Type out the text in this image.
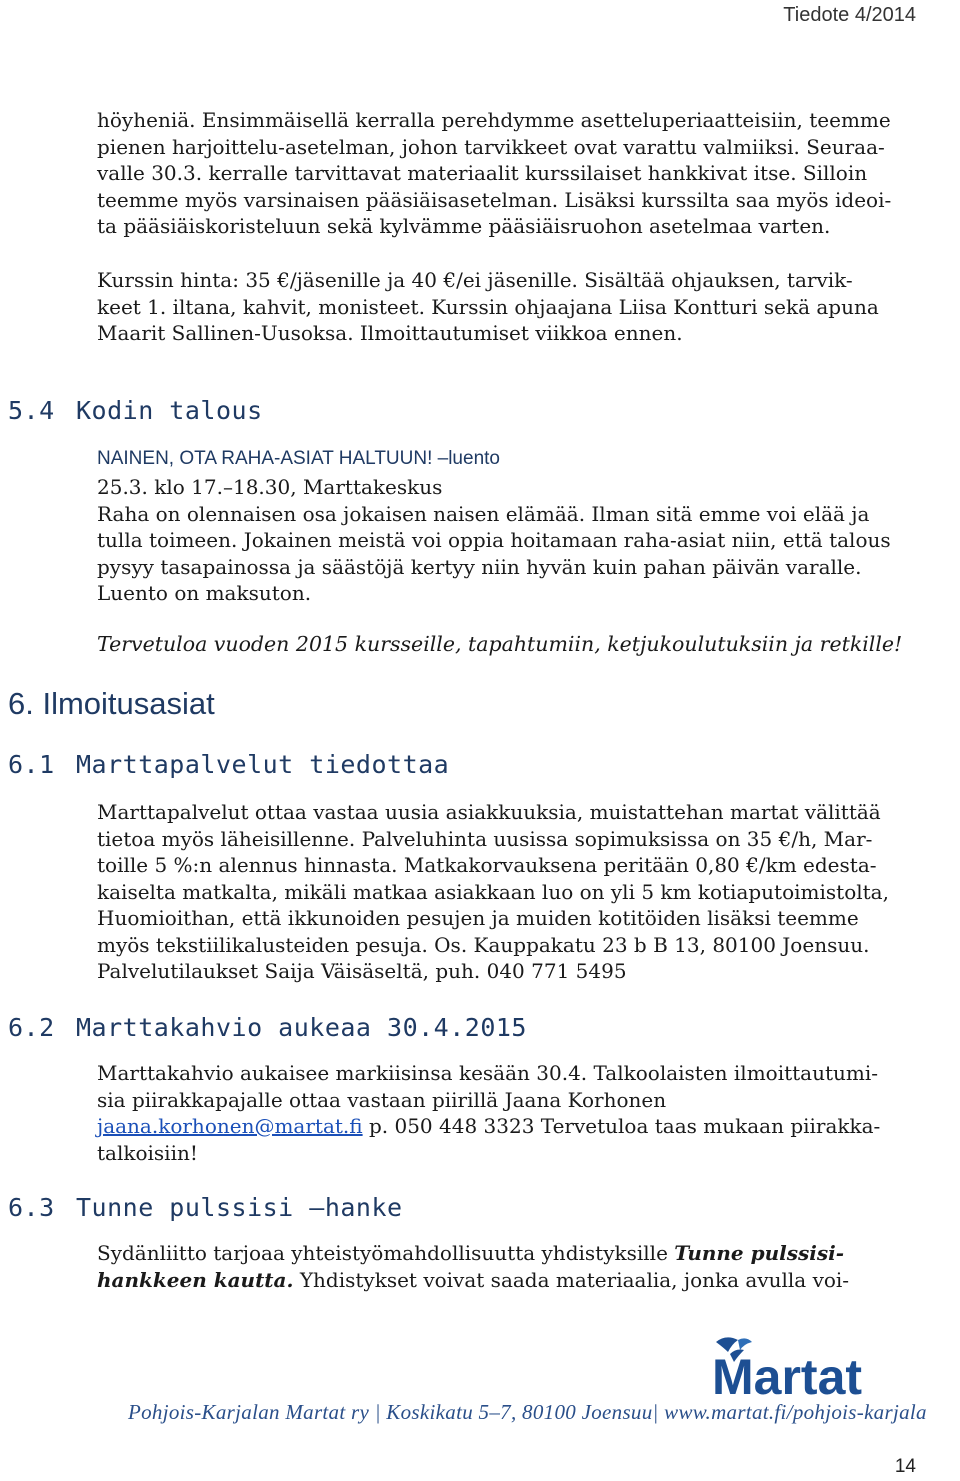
Tiedote 4/2014
höyheniä. Ensimmäisellä kerralla perehdymme asetteluperiaatteisiin, teemme
pienen harjoittelu-asetelman, johon tarvikkeet ovat varattu valmiiksi. Seuraa-
valle 30.3. kerralle tarvittavat materiaalit kurssilaiset hankkivat itse. Silloin
teemme myös varsinaisen pääsiäisasetelman. Lisäksi kurssilta saa myös ideoi-
ta pääsiäiskoristeluun sekä kylvämme pääsiäisruohon asetelmaa varten.
Kurssin hinta: 35 €/jäsenille ja 40 €/ei jäsenille. Sisältää ohjauksen, tarvik-
keet 1. iltana, kahvit, monisteet. Kurssin ohjaajana Liisa Kontturi sekä apuna
Maarit Sallinen-Uusoksa. Ilmoittautumiset viikkoa ennen.
5.4 Kodin talous
NAINEN, OTA RAHA-ASIAT HALTUUN! –luento
25.3. klo 17.–18.30, Marttakeskus
Raha on olennaisen osa jokaisen naisen elämää. Ilman sitä emme voi elää ja
tulla toimeen. Jokainen meistä voi oppia hoitamaan raha-asiat niin, että talous
pysyy tasapainossa ja säästöjä kertyy niin hyvän kuin pahan päivän varalle.
Luento on maksuton.
Tervetuloa vuoden 2015 kursseille, tapahtumiin, ketjukoulutuksiin ja retkille!
6. Ilmoitusasiat
6.1 Marttapalvelut tiedottaa
Marttapalvelut ottaa vastaa uusia asiakkuuksia, muistattehan martat välittää
tietoa myös läheisillenne. Palveluhinta uusissa sopimuksissa on 35 €/h, Mar-
toille 5 %:n alennus hinnasta. Matkakorvauksena peritään 0,80 €/km edesta-
kaiselta matkalta, mikäli matkaa asiakkaan luo on yli 5 km kotiaputoimistolta,
Huomioithan, että ikkunoiden pesujen ja muiden kotitöiden lisäksi teemme
myös tekstiilikalusteiden pesuja. Os. Kauppakatu 23 b B 13, 80100 Joensuu.
Palvelutilaukset Saija Väisäseltä, puh. 040 771 5495
6.2 Marttakahvio aukeaa 30.4.2015
Marttakahvio aukaisee markiisinsa kesään 30.4. Talkoolaisten ilmoittautumi-
sia piirakkapajalle ottaa vastaan piirillä Jaana Korhonen
jaana.korhonen@martat.fi p. 050 448 3323 Tervetuloa taas mukaan piirakka-
talkoisiin!
6.3 Tunne pulssisi –hanke
Sydänliitto tarjoaa yhteistyömahdollisuutta yhdistyksille Tunne pulssisi-
hankkeen kautta. Yhdistykset voivat saada materiaalia, jonka avulla voi-
Martat
Pohjois-Karjalan Martat ry | Koskikatu 5–7, 80100 Joensuu| www.martat.fi/pohjois-karjala
14
